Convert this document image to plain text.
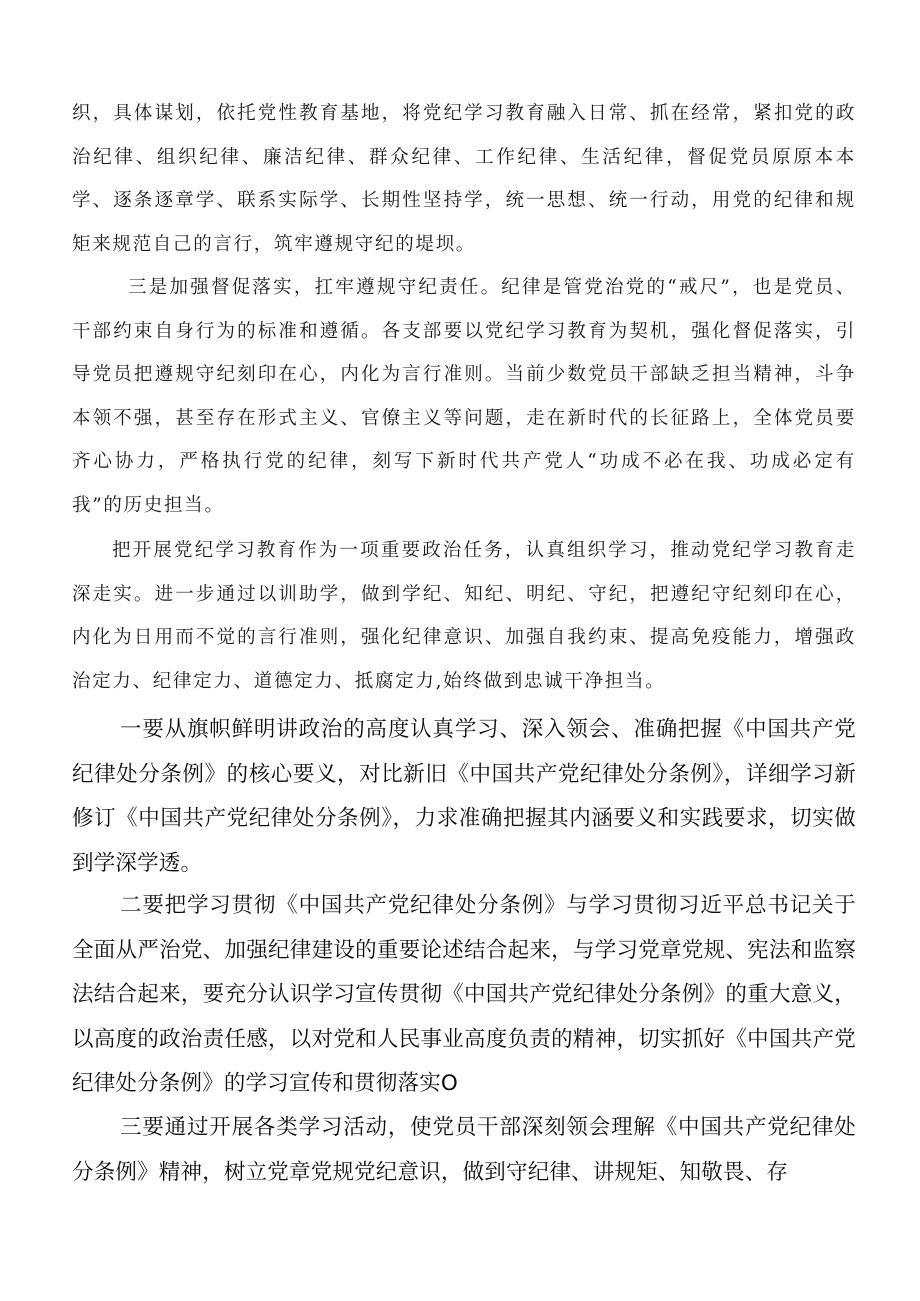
织，具体谋划，依托党性教育基地，将党纪学习教育融入日常、抓在经常，紧扣党的政治纪律、组织纪律、廉洁纪律、群众纪律、工作纪律、生活纪律，督促党员原原本本学、逐条逐章学、联系实际学、长期性坚持学，统一思想、统一行动，用党的纪律和规矩来规范自己的言行，筑牢遵规守纪的堤坝。

三是加强督促落实，扛牢遵规守纪责任。纪律是管党治党的“戒尺”，也是党员、干部约束自身行为的标准和遵循。各支部要以党纪学习教育为契机，强化督促落实，引导党员把遵规守纪刻印在心，内化为言行准则。当前少数党员干部缺乏担当精神，斗争本领不强，甚至存在形式主义、官僚主义等问题，走在新时代的长征路上，全体党员要齐心协力，严格执行党的纪律，刻写下新时代共产党人“功成不必在我、功成必定有我”的历史担当。

把开展党纪学习教育作为一项重要政治任务，认真组织学习，推动党纪学习教育走深走实。进一步通过以训助学，做到学纪、知纪、明纪、守纪，把遵纪守纪刻印在心，内化为日用而不觉的言行准则，强化纪律意识、加强自我约束、提高免疫能力，增强政治定力、纪律定力、道德定力、抵腐定力,始终做到忠诚干净担当。

一要从旗帜鲜明讲政治的高度认真学习、深入领会、准确把握《中国共产党纪律处分条例》的核心要义，对比新旧《中国共产党纪律处分条例》，详细学习新修订《中国共产党纪律处分条例》，力求准确把握其内涵要义和实践要求，切实做到学深学透。

二要把学习贯彻《中国共产党纪律处分条例》与学习贯彻习近平总书记关于全面从严治党、加强纪律建设的重要论述结合起来，与学习党章党规、宪法和监察法结合起来，要充分认识学习宣传贯彻《中国共产党纪律处分条例》的重大意义，以高度的政治责任感，以对党和人民事业高度负责的精神，切实抓好《中国共产党纪律处分条例》的学习宣传和贯彻落实O

三要通过开展各类学习活动，使党员干部深刻领会理解《中国共产党纪律处分条例》精神，树立党章党规党纪意识，做到守纪律、讲规矩、知敬畏、存
